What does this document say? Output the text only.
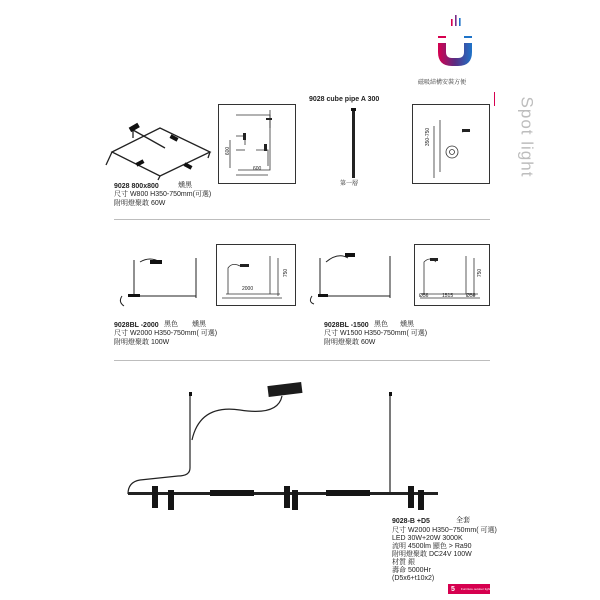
磁吸結構安裝方便
Spot light
600
600
9028 cube pipe A 300
第一層
350-750
9028 800x800	燻黑
尺寸 W800 H350-750mm(可選)
附明燈聚敢 60W
2000
750
9028BL -2000 黑色 燻黑
尺寸 W2000 H350-750mm( 可選)
附明燈聚敢 100W
Ø56	1515	Ø50
750
9028BL -1500 黑色 燻黑
尺寸 W1500 H350-750mm( 可選)
附明燈聚敢 60W
9028-B +D5	全套
尺寸 W2000 H350~750mm( 可選)
LED 30W+20W 3000K
流明 4500lm 顯色 > Ra90
附明燈聚敢 DC24V 100W
材質 銀
壽命 5000Hr
(D5x6+t10x2)
5 Furniture outdoor lighting
